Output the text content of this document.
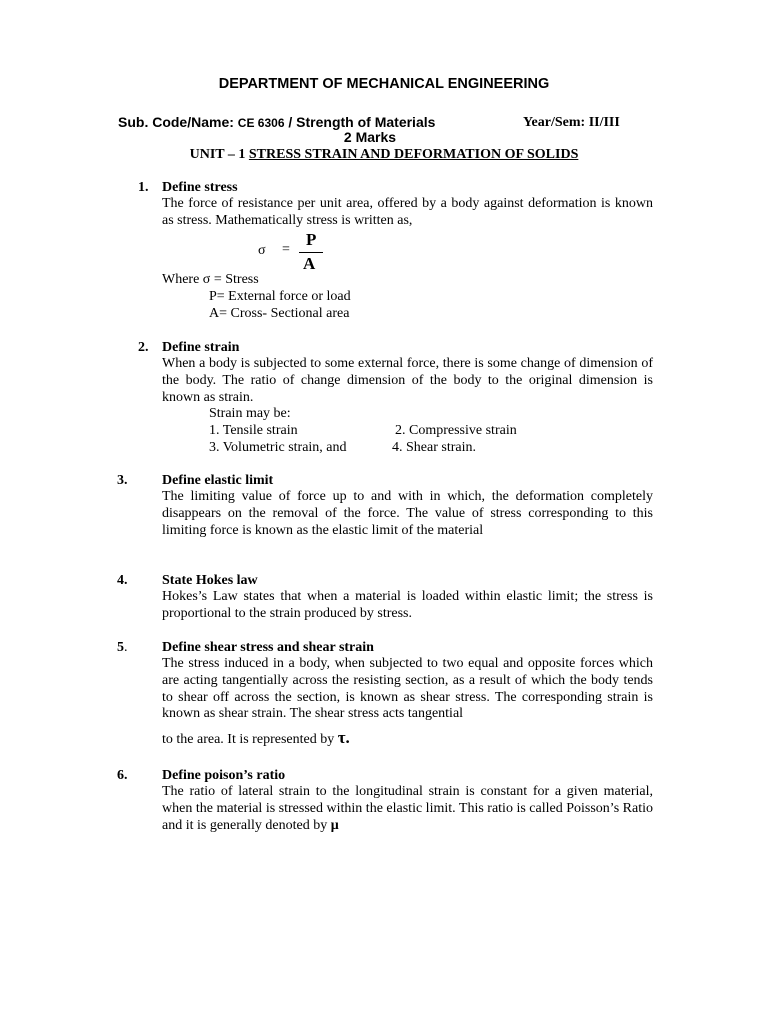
DEPARTMENT OF MECHANICAL ENGINEERING
Sub. Code/Name: CE 6306 / Strength of Materials	Year/Sem: II/III
2 Marks
UNIT – 1 STRESS STRAIN AND DEFORMATION OF SOLIDS
1. Define stress
The force of resistance per unit area, offered by a body against deformation is known as stress. Mathematically stress is written as,
σ =
P
A
Where σ = Stress
P= External force or load
A= Cross- Sectional area
2. Define strain
When a body is subjected to some external force, there is some change of dimension of the body. The ratio of change dimension of the body to the original dimension is known as strain.
Strain may be:
1. Tensile strain	2. Compressive strain
3. Volumetric strain, and	4. Shear strain.
3. Define elastic limit
The limiting value of force up to and with in which, the deformation completely disappears on the removal of the force. The value of stress corresponding to this limiting force is known as the elastic limit of the material
4. State Hokes law
Hokes’s Law states that when a material is loaded within elastic limit; the stress is proportional to the strain produced by stress.
5. Define shear stress and shear strain
The stress induced in a body, when subjected to two equal and opposite forces which are acting tangentially across the resisting section, as a result of which the body tends to shear off across the section, is known as shear stress. The corresponding strain is known as shear strain. The shear stress acts tangential
to the area. It is represented by τ.
6. Define poison’s ratio
The ratio of lateral strain to the longitudinal strain is constant for a given material, when the material is stressed within the elastic limit. This ratio is called Poisson’s Ratio and it is generally denoted by μ
